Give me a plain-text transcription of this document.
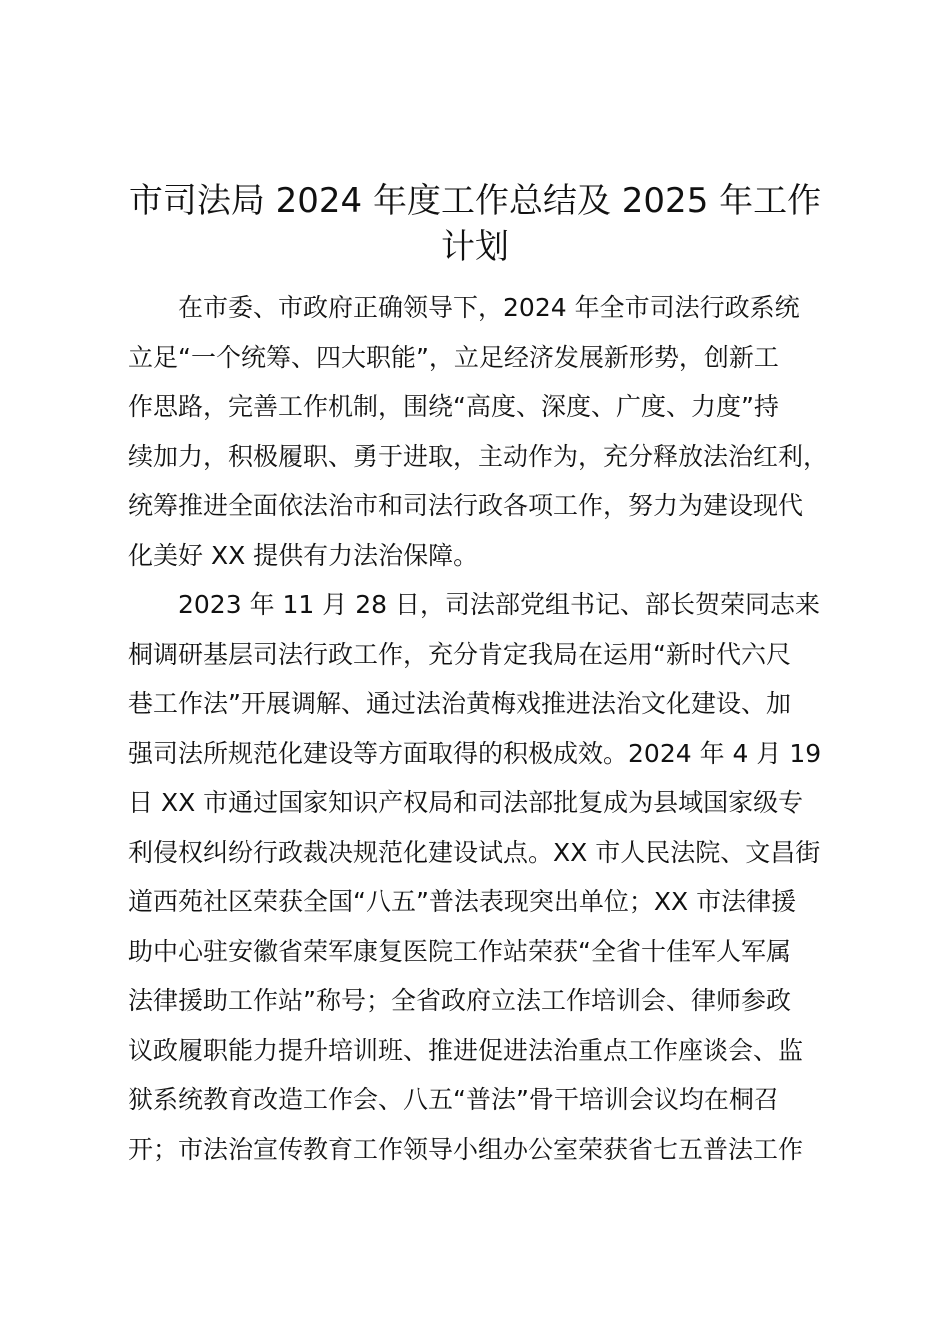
市司法局 2024 年度工作总结及 2025 年工作
计划
在市委、市政府正确领导下，2024 年全市司法行政系统
立足“一个统筹、四大职能”，立足经济发展新形势，创新工
作思路，完善工作机制，围绕“高度、深度、广度、力度”持
续加力，积极履职、勇于进取，主动作为，充分释放法治红利，
统筹推进全面依法治市和司法行政各项工作，努力为建设现代
化美好 XX 提供有力法治保障。
2023 年 11 月 28 日，司法部党组书记、部长贺荣同志来
桐调研基层司法行政工作，充分肯定我局在运用“新时代六尺
巷工作法”开展调解、通过法治黄梅戏推进法治文化建设、加
强司法所规范化建设等方面取得的积极成效。2024 年 4 月 19
日 XX 市通过国家知识产权局和司法部批复成为县域国家级专
利侵权纠纷行政裁决规范化建设试点。XX 市人民法院、文昌街
道西苑社区荣获全国“八五”普法表现突出单位；XX 市法律援
助中心驻安徽省荣军康复医院工作站荣获“全省十佳军人军属
法律援助工作站”称号；全省政府立法工作培训会、律师参政
议政履职能力提升培训班、推进促进法治重点工作座谈会、监
狱系统教育改造工作会、八五“普法”骨干培训会议均在桐召
开；市法治宣传教育工作领导小组办公室荣获省七五普法工作
